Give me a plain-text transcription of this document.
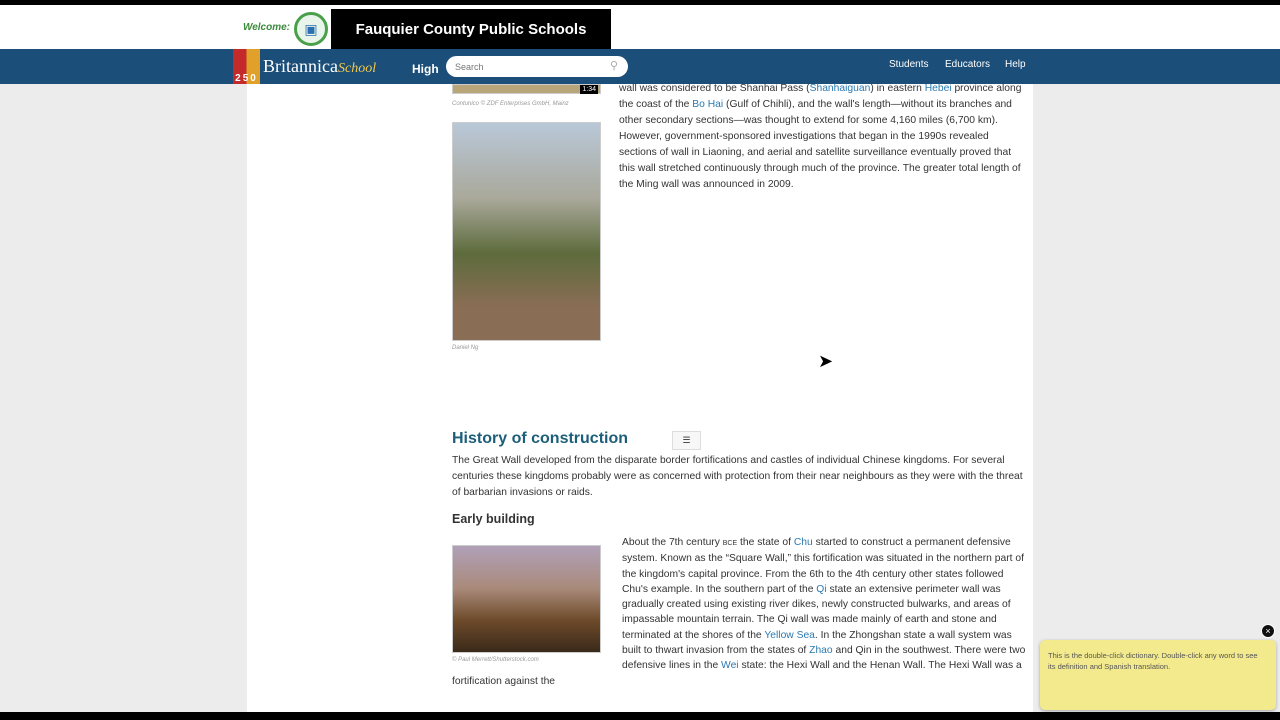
Welcome:	▣	Fauquier County Public Schools
250
BritannicaSchool	High
Search	⚲	Students Educators Help
1:34
Contunico © ZDF Enterprises GmbH, Mainz
Daniel Ng
wall was considered to be Shanhai Pass (Shanhaiguan) in eastern Hebei province along the coast of the Bo Hai (Gulf of Chihli), and the wall's length—without its branches and other secondary sections—was thought to extend for some 4,160 miles (6,700 km). However, government-sponsored investigations that began in the 1990s revealed sections of wall in Liaoning, and aerial and satellite surveillance eventually proved that this wall stretched continuously through much of the province. The greater total length of the Ming wall was announced in 2009.
History of construction	☰
The Great Wall developed from the disparate border fortifications and castles of individual Chinese kingdoms. For several centuries these kingdoms probably were as concerned with protection from their near neighbours as they were with the threat of barbarian invasions or raids.
Early building
© Paul Merrett/Shutterstock.com

About the 7th century BCE the state of Chu started to construct a permanent defensive system. Known as the “Square Wall,” this fortification was situated in the northern part of the kingdom's capital province. From the 6th to the 4th century other states followed Chu's example. In the southern part of the Qi state an extensive perimeter wall was gradually created using existing river dikes, newly constructed bulwarks, and areas of impassable mountain terrain. The Qi wall was made mainly of earth and stone and terminated at the shores of the Yellow Sea. In the Zhongshan state a wall system was built to thwart invasion from the states of Zhao and Qin in the southwest. There were two

defensive lines in the Wei state: the Hexi Wall and the Henan Wall. The Hexi Wall was a fortification against the

This is the double-click dictionary. Double-click any word to see its definition and Spanish translation.
×
➤
